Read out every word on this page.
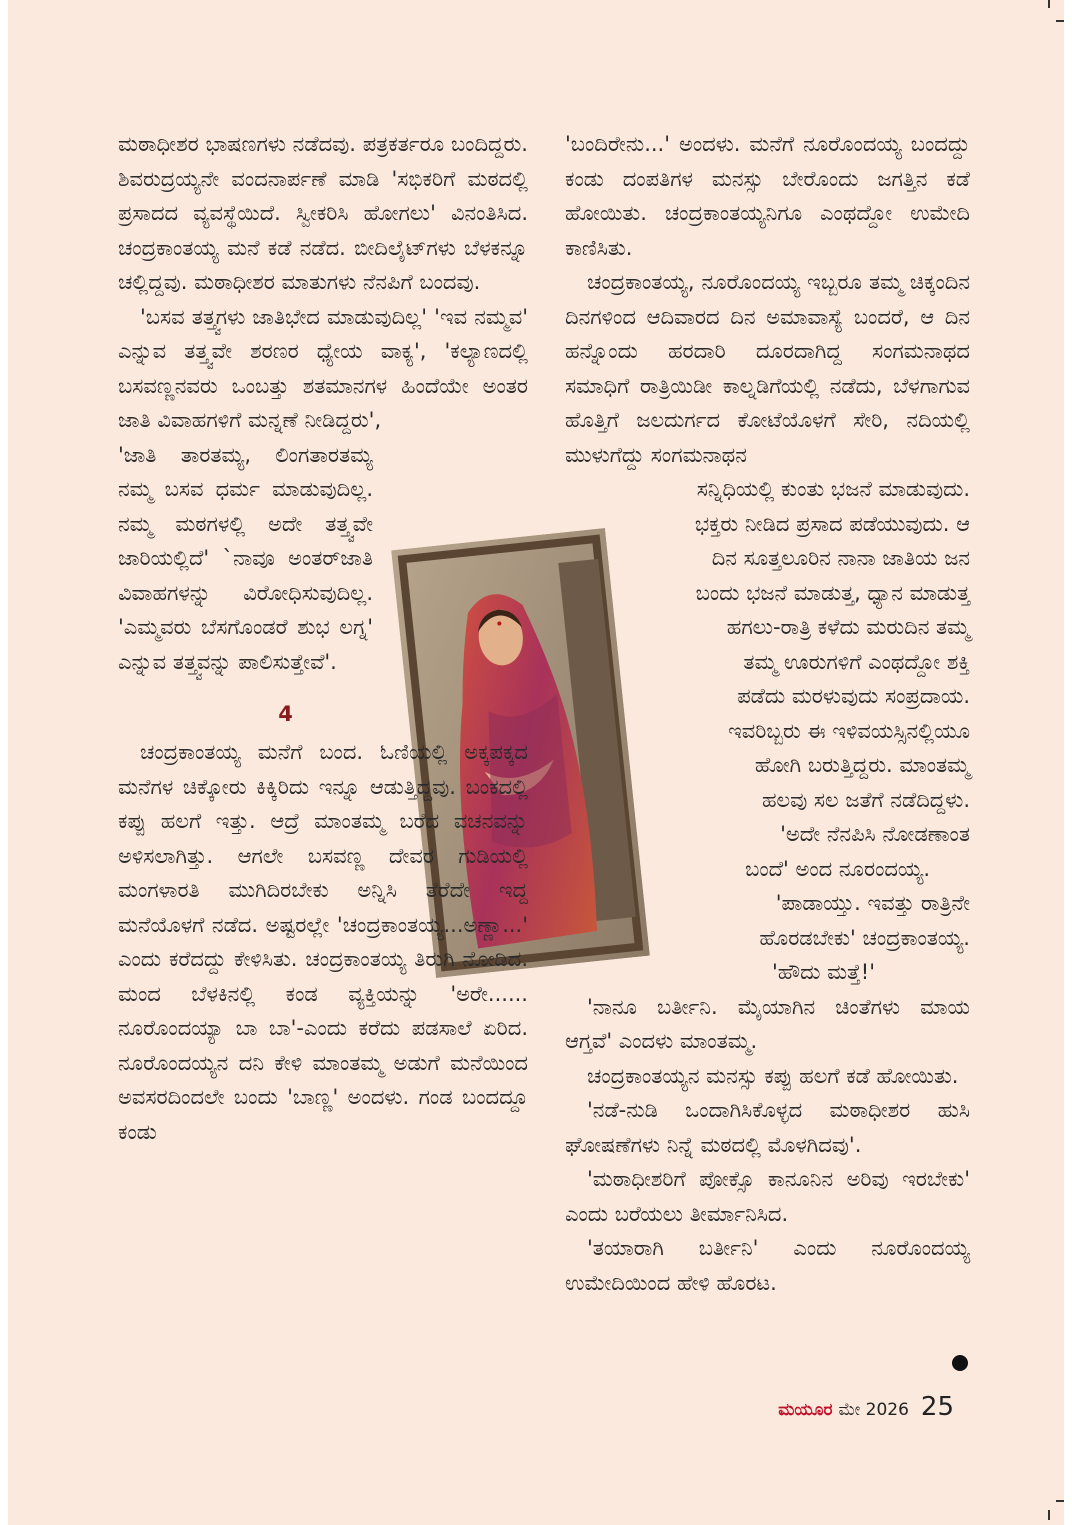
ಮಠಾಧೀಶರ ಭಾಷಣಗಳು ನಡೆದವು. ಪತ್ರಕರ್ತರೂ ಬಂದಿದ್ದರು. ಶಿವರುದ್ರಯ್ಯನೇ ವಂದನಾರ್ಪಣೆ ಮಾಡಿ 'ಸಭಿಕರಿಗೆ ಮಠದಲ್ಲಿ ಪ್ರಸಾದದ ವ್ಯವಸ್ಥೆಯಿದೆ. ಸ್ವೀಕರಿಸಿ ಹೋಗಲು' ವಿನಂತಿಸಿದ. ಚಂದ್ರಕಾಂತಯ್ಯ ಮನೆ ಕಡೆ ನಡೆದ. ಬೀದಿಲೈಟ್‌ಗಳು ಬೆಳಕನ್ನೂ ಚಲ್ಲಿದ್ದವು. ಮಠಾಧೀಶರ ಮಾತುಗಳು ನೆನಪಿಗೆ ಬಂದವು.

'ಬಸವ ತತ್ತ್ವಗಳು ಜಾತಿಭೇದ ಮಾಡುವುದಿಲ್ಲ' 'ಇವ ನಮ್ಮವ' ಎನ್ನುವ ತತ್ತ್ವವೇ ಶರಣರ ಧ್ಯೇಯ ವಾಕ್ಯ', 'ಕಲ್ಯಾಣದಲ್ಲಿ ಬಸವಣ್ಣನವರು ಒಂಬತ್ತು ಶತಮಾನಗಳ ಹಿಂದೆಯೇ ಅಂತರ ಜಾತಿ ವಿವಾಹಗಳಿಗೆ ಮನ್ನಣೆ ನೀಡಿದ್ದರು',

'ಜಾತಿ ತಾರತಮ್ಯ, ಲಿಂಗತಾರತಮ್ಯ ನಮ್ಮ ಬಸವ ಧರ್ಮ ಮಾಡುವುದಿಲ್ಲ. ನಮ್ಮ ಮಠಗಳಲ್ಲಿ ಅದೇ ತತ್ತ್ವವೇ ಜಾರಿಯಲ್ಲಿದೆ' `ನಾವೂ ಅಂತರ್‌ಜಾತಿ ವಿವಾಹಗಳನ್ನು ವಿರೋಧಿಸುವುದಿಲ್ಲ. 'ಎಮ್ಮವರು ಬೆಸಗೊಂಡರೆ ಶುಭ ಲಗ್ನ' ಎನ್ನುವ ತತ್ತ್ವವನ್ನು ಪಾಲಿಸುತ್ತೇವೆ'.

4

ಚಂದ್ರಕಾಂತಯ್ಯ ಮನೆಗೆ ಬಂದ. ಓಣಿಯಲ್ಲಿ ಅಕ್ಕಪಕ್ಕದ ಮನೆಗಳ ಚಿಕ್ಕೋರು ಕಿಕ್ಕಿರಿದು ಇನ್ನೂ ಆಡುತ್ತಿದ್ದವು. ಬಂಕದಲ್ಲಿ ಕಪ್ಪು ಹಲಗೆ ಇತ್ತು. ಆದ್ರೆ ಮಾಂತಮ್ಮ ಬರೆದ ವಚನವನ್ನು ಅಳಿಸಲಾಗಿತ್ತು. ಆಗಲೇ ಬಸವಣ್ಣ ದೇವರ ಗುಡಿಯಲ್ಲಿ ಮಂಗಳಾರತಿ ಮುಗಿದಿರಬೇಕು ಅನ್ನಿಸಿ ತೆರೆದೇ ಇದ್ದ ಮನೆಯೊಳಗೆ ನಡೆದ. ಅಷ್ಟರಲ್ಲೇ 'ಚಂದ್ರಕಾಂತಯ್ಯ...ಅಣ್ಣಾ...' ಎಂದು ಕರೆದದ್ದು ಕೇಳಿಸಿತು. ಚಂದ್ರಕಾಂತಯ್ಯ ತಿರುಗಿ ನೋಡಿದ. ಮಂದ ಬೆಳಕಿನಲ್ಲಿ ಕಂಡ ವ್ಯಕ್ತಿಯನ್ನು 'ಅರೇ...... ನೂರೊಂದಯ್ಯಾ ಬಾ ಬಾ'-ಎಂದು ಕರೆದು ಪಡಸಾಲೆ ಏರಿದ. ನೂರೊಂದಯ್ಯನ ದನಿ ಕೇಳಿ ಮಾಂತಮ್ಮ ಅಡುಗೆ ಮನೆಯಿಂದ ಅವಸರದಿಂದಲೇ ಬಂದು 'ಬಾಣ್ಣ' ಅಂದಳು. ಗಂಡ ಬಂದದ್ದೂ ಕಂಡು

'ಬಂದಿರೇನು...' ಅಂದಳು. ಮನೆಗೆ ನೂರೊಂದಯ್ಯ ಬಂದದ್ದು ಕಂಡು ದಂಪತಿಗಳ ಮನಸ್ಸು ಬೇರೊಂದು ಜಗತ್ತಿನ ಕಡೆ ಹೋಯಿತು. ಚಂದ್ರಕಾಂತಯ್ಯನಿಗೂ ಎಂಥದ್ದೋ ಉಮೇದಿ ಕಾಣಿಸಿತು.

ಚಂದ್ರಕಾಂತಯ್ಯ, ನೂರೊಂದಯ್ಯ ಇಬ್ಬರೂ ತಮ್ಮ ಚಿಕ್ಕಂದಿನ ದಿನಗಳಿಂದ ಆದಿವಾರದ ದಿನ ಅಮಾವಾಸ್ಯೆ ಬಂದರೆ, ಆ ದಿನ ಹನ್ನೊಂದು ಹರದಾರಿ ದೂರದಾಗಿದ್ದ ಸಂಗಮನಾಥದ ಸಮಾಧಿಗೆ ರಾತ್ರಿಯಿಡೀ ಕಾಲ್ನಡಿಗೆಯಲ್ಲಿ ನಡೆದು, ಬೆಳಗಾಗುವ ಹೊತ್ತಿಗೆ ಜಲದುರ್ಗದ ಕೋಟೆಯೊಳಗೆ ಸೇರಿ, ನದಿಯಲ್ಲಿ ಮುಳುಗೆದ್ದು ಸಂಗಮನಾಥನ

ಸನ್ನಿಧಿಯಲ್ಲಿ ಕುಂತು ಭಜನೆ ಮಾಡುವುದು.
ಭಕ್ತರು ನೀಡಿದ ಪ್ರಸಾದ ಪಡೆಯುವುದು. ಆ
ದಿನ ಸೂತ್ತಲೂರಿನ ನಾನಾ ಜಾತಿಯ ಜನ
ಬಂದು ಭಜನೆ ಮಾಡುತ್ತ, ಧ್ಯಾನ ಮಾಡುತ್ತ
ಹಗಲು-ರಾತ್ರಿ ಕಳೆದು ಮರುದಿನ ತಮ್ಮ
ತಮ್ಮ ಊರುಗಳಿಗೆ ಎಂಥದ್ದೋ ಶಕ್ತಿ
ಪಡೆದು ಮರಳುವುದು ಸಂಪ್ರದಾಯ.
ಇವರಿಬ್ಬರು ಈ ಇಳಿವಯಸ್ಸಿನಲ್ಲಿಯೂ
ಹೋಗಿ ಬರುತ್ತಿದ್ದರು. ಮಾಂತಮ್ಮ
ಹಲವು ಸಲ ಜತೆಗೆ ನಡೆದಿದ್ದಳು.
'ಅದೇ ನೆನಪಿಸಿ ನೋಡಣಾಂತ
ಬಂದೆ' ಅಂದ ನೂರಂದಯ್ಯ.
'ಪಾಡಾಯ್ತು. ಇವತ್ತು ರಾತ್ರಿನೇ
ಹೊರಡಬೇಕು' ಚಂದ್ರಕಾಂತಯ್ಯ.
'ಹೌದು ಮತ್ತೆ!'

'ನಾನೂ ಬರ್ತೀನಿ. ಮೈಯಾಗಿನ ಚಿಂತೆಗಳು ಮಾಯ ಆಗ್ತವೆ' ಎಂದಳು ಮಾಂತಮ್ಮ.

ಚಂದ್ರಕಾಂತಯ್ಯನ ಮನಸ್ಸು ಕಪ್ಪು ಹಲಗೆ ಕಡೆ ಹೋಯಿತು.

'ನಡೆ-ನುಡಿ ಒಂದಾಗಿಸಿಕೊಳ್ಳದ ಮಠಾಧೀಶರ ಹುಸಿ ಘೋಷಣೆಗಳು ನಿನ್ನೆ ಮಠದಲ್ಲಿ ಮೊಳಗಿದವು'.

'ಮಠಾಧೀಶರಿಗೆ ಪೋಕ್ಸೊ ಕಾನೂನಿನ ಅರಿವು ಇರಬೇಕು' ಎಂದು ಬರೆಯಲು ತೀರ್ಮಾನಿಸಿದ.

'ತಯಾರಾಗಿ ಬರ್ತೀನಿ' ಎಂದು ನೂರೊಂದಯ್ಯ ಉಮೇದಿಯಿಂದ ಹೇಳಿ ಹೊರಟ.

ಮಯೂರ ಮೇ 2026 25
